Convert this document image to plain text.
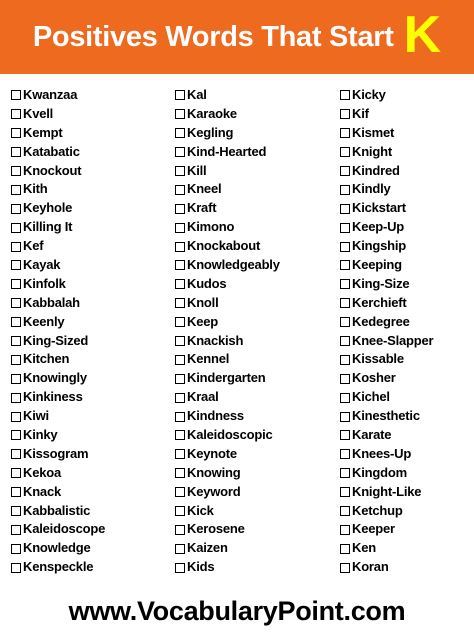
Positives Words That Start K
Kwanzaa
Kvell
Kempt
Katabatic
Knockout
Kith
Keyhole
Killing It
Kef
Kayak
Kinfolk
Kabbalah
Keenly
King-Sized
Kitchen
Knowingly
Kinkiness
Kiwi
Kinky
Kissogram
Kekoa
Knack
Kabbalistic
Kaleidoscope
Knowledge
Kenspeckle
Kal
Karaoke
Kegling
Kind-Hearted
Kill
Kneel
Kraft
Kimono
Knockabout
Knowledgeably
Kudos
Knoll
Keep
Knackish
Kennel
Kindergarten
Kraal
Kindness
Kaleidoscopic
Keynote
Knowing
Keyword
Kick
Kerosene
Kaizen
Kids
Kicky
Kif
Kismet
Knight
Kindred
Kindly
Kickstart
Keep-Up
Kingship
Keeping
King-Size
Kerchieft
Kedegree
Knee-Slapper
Kissable
Kosher
Kichel
Kinesthetic
Karate
Knees-Up
Kingdom
Knight-Like
Ketchup
Keeper
Ken
Koran
www.VocabularyPoint.com
